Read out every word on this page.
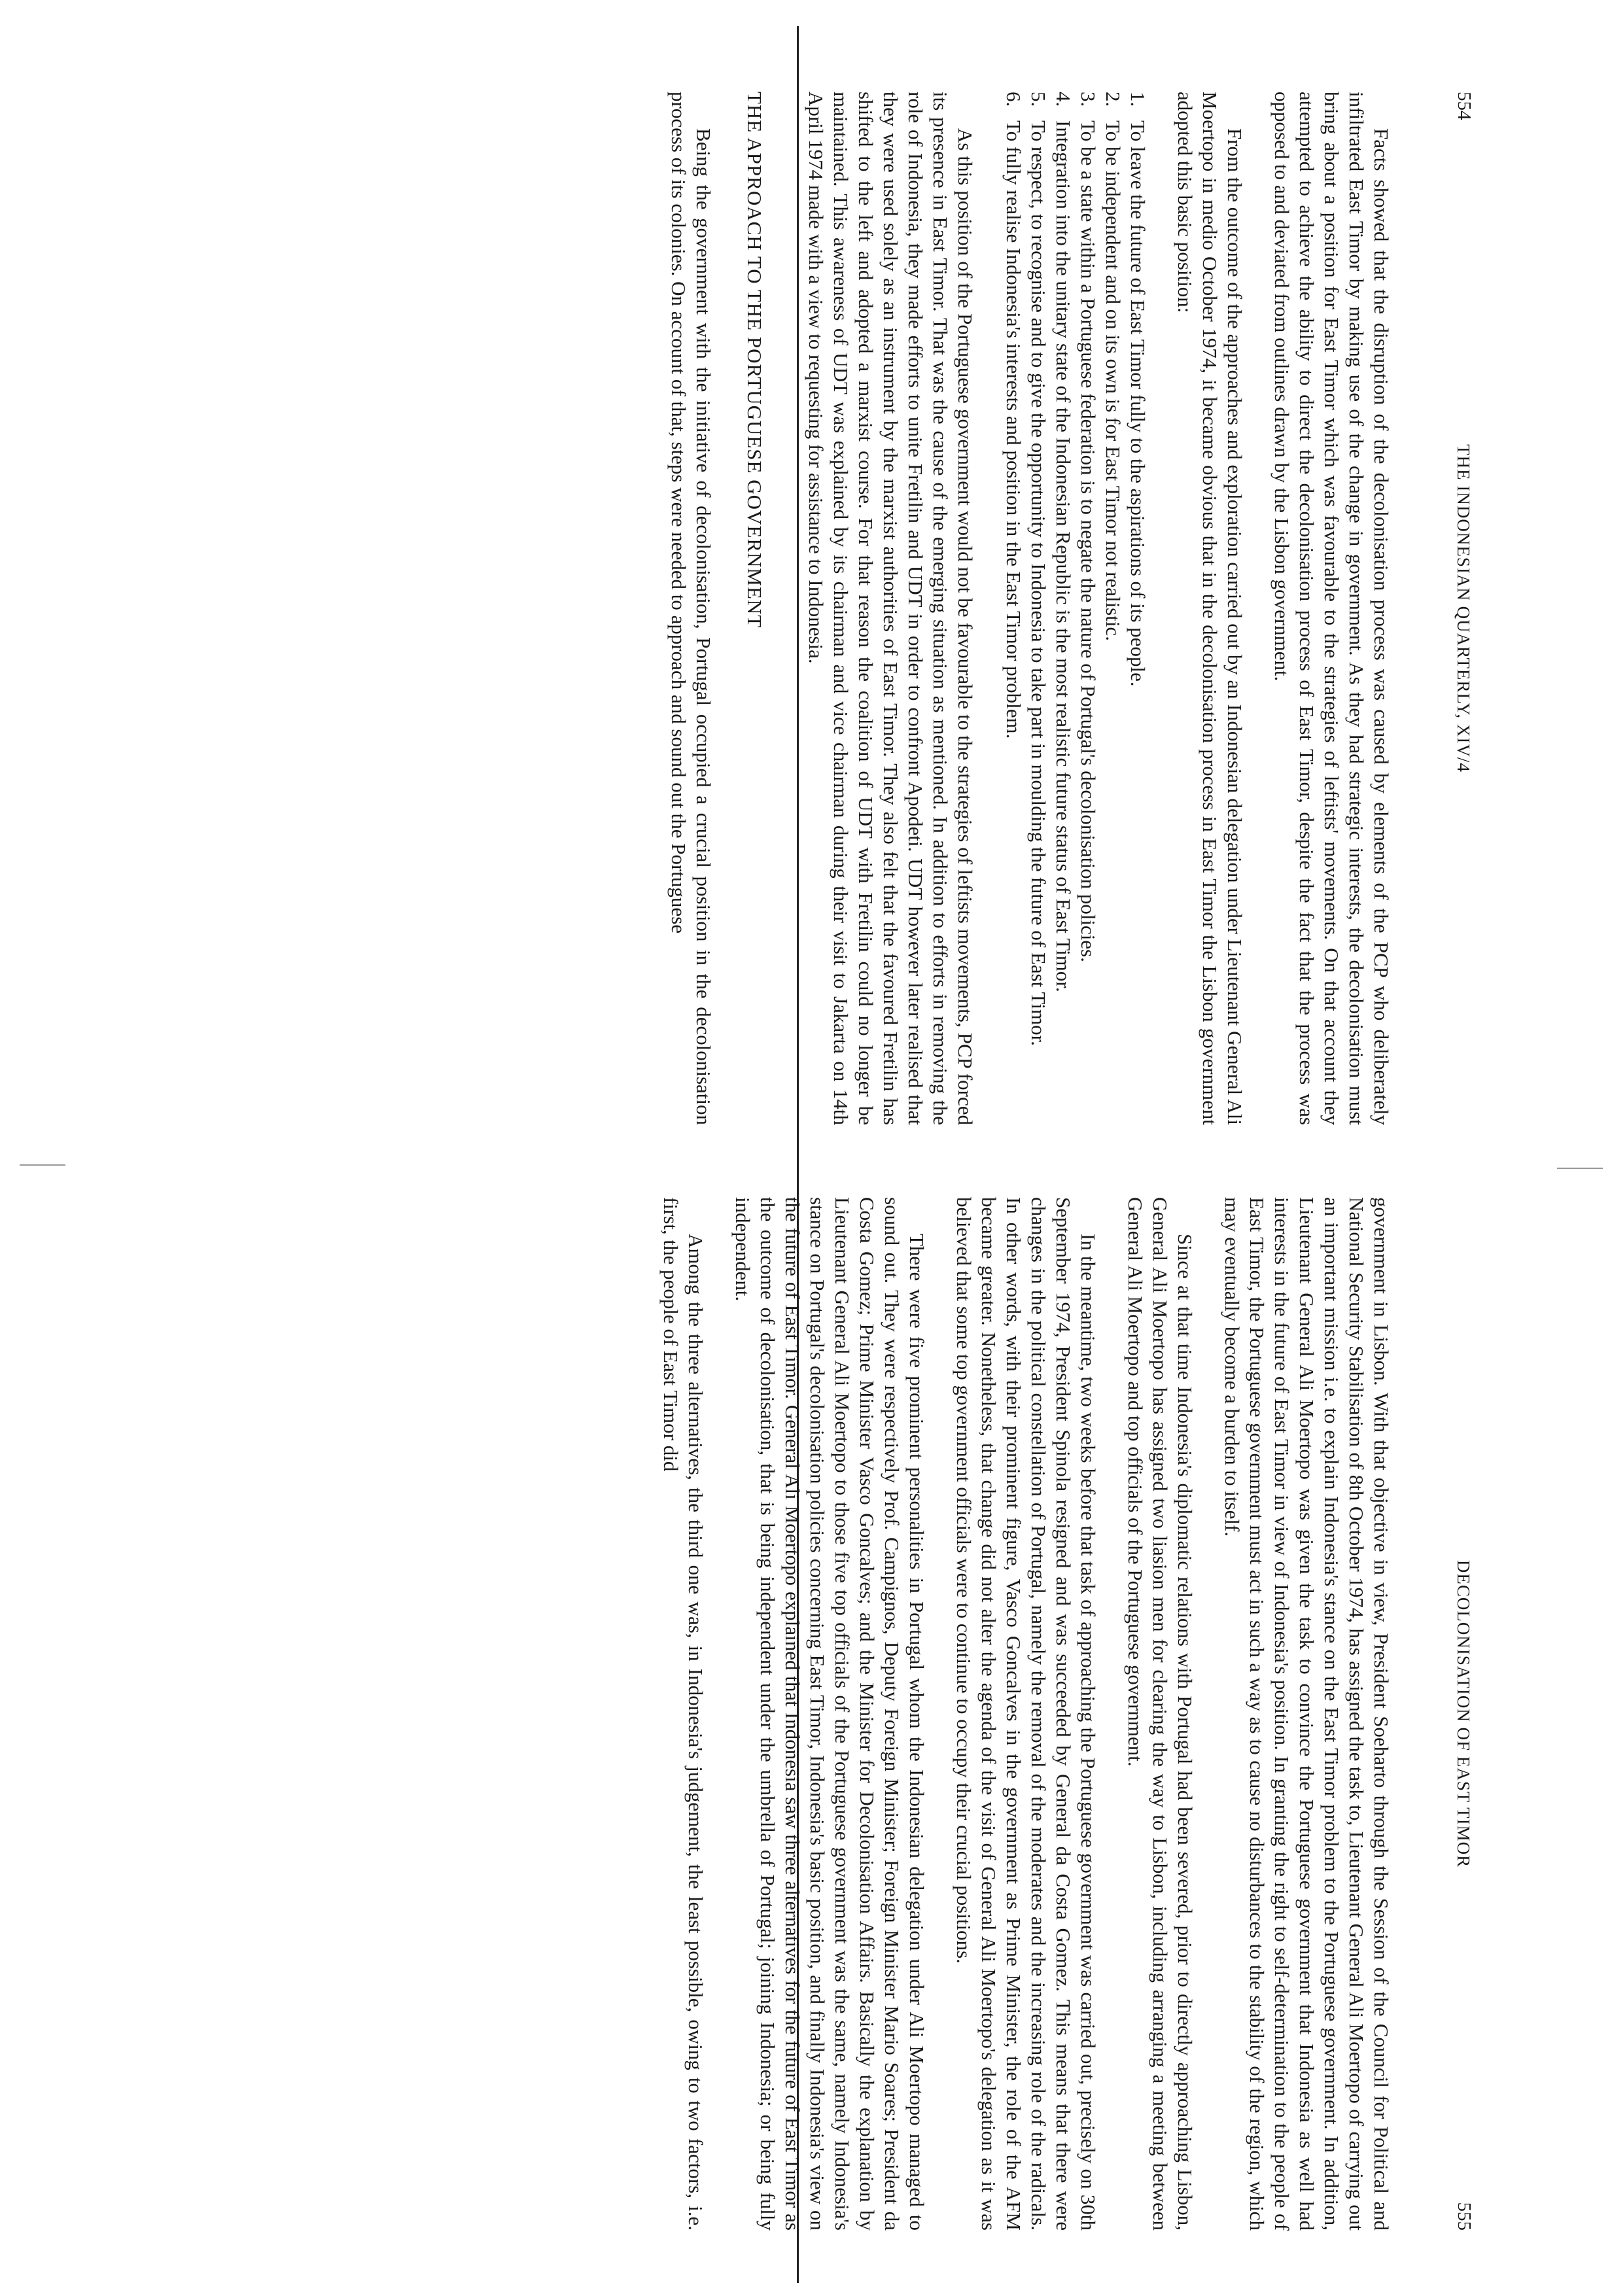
554
THE INDONESIAN QUARTERLY, XIV/4

Facts showed that the disruption of the decolonisation process was caused by elements of the PCP who deliberately infiltrated East Timor by making use of the change in government. As they had strategic interests, the decolonisation must bring about a position for East Timor which was favourable to the strategies of leftists' movements. On that account they attempted to achieve the ability to direct the decolonisation process of East Timor, despite the fact that the process was opposed to and deviated from outlines drawn by the Lisbon government.

From the outcome of the approaches and exploration carried out by an Indonesian delegation under Lieutenant General Ali Moertopo in medio October 1974, it became obvious that in the decolonisation process in East Timor the Lisbon government adopted this basic position:

1.
To leave the future of East Timor fully to the aspirations of its people.
2.
To be independent and on its own is for East Timor not realistic.
3.
To be a state within a Portuguese federation is to negate the nature of Portugal's decolonisation policies.
4.
Integration into the unitary state of the Indonesian Republic is the most realistic future status of East Timor.
5.
To respect, to recognise and to give the opportunity to Indonesia to take part in moulding the future of East Timor.
6.
To fully realise Indonesia's interests and position in the East Timor problem.

As this position of the Portuguese government would not be favourable to the strategies of leftists movements, PCP forced its presence in East Timor. That was the cause of the emerging situation as mentioned. In addition to efforts in removing the role of Indonesia, they made efforts to unite Fretilin and UDT in order to confront Apodeti. UDT however later realised that they were used solely as an instrument by the marxist authorities of East Timor. They also felt that the favoured Fretilin has shifted to the left and adopted a marxist course. For that reason the coalition of UDT with Fretilin could no longer be maintained. This awareness of UDT was explained by its chairman and vice chairman during their visit to Jakarta on 14th April 1974 made with a view to requesting for assistance to Indonesia.

THE APPROACH TO THE PORTUGUESE GOVERNMENT

Being the government with the initiative of decolonisation, Portugal occupied a crucial position in the decolonisation process of its colonies. On account of that, steps were needed to approach and sound out the Portuguese

DECOLONISATION OF EAST TIMOR
555

government in Lisbon. With that objective in view, President Soeharto through the Session of the Council for Political and National Security Stabilisation of 8th October 1974, has assigned the task to, Lieutenant General Ali Moertopo of carrying out an important mission i.e. to explain Indonesia's stance on the East Timor problem to the Portuguese government. In addition, Lieutenant General Ali Moertopo was given the task to convince the Portuguese government that Indonesia as well had interests in the future of East Timor in view of Indonesia's position. In granting the right to self-determination to the people of East Timor, the Portuguese government must act in such a way as to cause no disturbances to the stability of the region, which may eventually become a burden to itself.

Since at that time Indonesia's diplomatic relations with Portugal had been severed, prior to directly approaching Lisbon, General Ali Moertopo has assigned two liasion men for clearing the way to Lisbon, including arranging a meeting between General Ali Moertopo and top officials of the Portuguese government.

In the meantime, two weeks before that task of approaching the Portuguese government was carried out, precisely on 30th September 1974, President Spinola resigned and was succeeded by General da Costa Gomez. This means that there were changes in the political constellation of Portugal, namely the removal of the moderates and the increasing role of the radicals. In other words, with their prominent figure, Vasco Goncalves in the government as Prime Minister, the role of the AFM became greater. Nonetheless, that change did not alter the agenda of the visit of General Ali Moertopo's delegation as it was believed that some top government officials were to continue to occupy their crucial positions.

There were five prominent personalities in Portugal whom the Indonesian delegation under Ali Moertopo managed to sound out. They were respectively Prof. Campignos, Deputy Foreign Minister; Foreign Minister Mario Soares; President da Costa Gomez; Prime Minister Vasco Goncalves; and the Minister for Decolonisation Affairs. Basically the explanation by Lieutenant General Ali Moertopo to those five top officials of the Portuguese government was the same, namely Indonesia's stance on Portugal's decolonisation policies concerning East Timor, Indonesia's basic position, and finally Indonesia's view on the future of East Timor. General Ali Moertopo explained that Indonesia saw three alternatives for the future of East Timor as the outcome of decolonisation, that is being independent under the umbrella of Portugal; joining Indonesia; or being fully independent.

Among the three alternatives, the third one was, in Indonesia's judgement, the least possible, owing to two factors, i.e. first, the people of East Timor did
